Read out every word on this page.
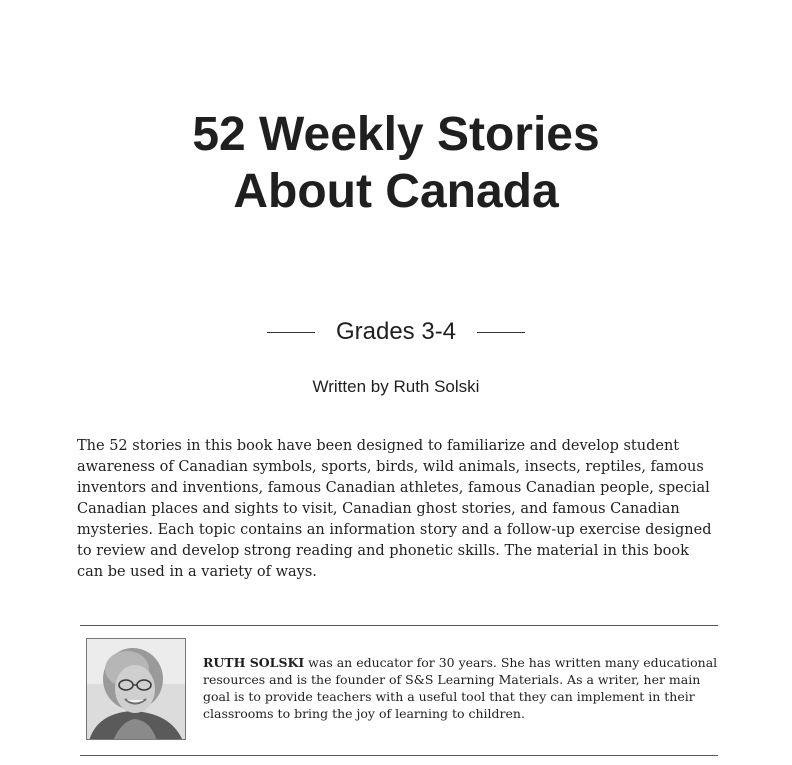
52 Weekly Stories
About Canada
Grades 3-4
Written by Ruth Solski

The 52 stories in this book have been designed to familiarize and develop student awareness of Canadian symbols, sports, birds, wild animals, insects, reptiles, famous inventors and inventions, famous Canadian athletes, famous Canadian people, special Canadian places and sights to visit, Canadian ghost stories, and famous Canadian mysteries. Each topic contains an information story and a follow-up exercise designed to review and develop strong reading and phonetic skills. The material in this book can be used in a variety of ways.

RUTH SOLSKI was an educator for 30 years. She has written many educational resources and is the founder of S&S Learning Materials. As a writer, her main goal is to provide teachers with a useful tool that they can implement in their classrooms to bring the joy of learning to children.
